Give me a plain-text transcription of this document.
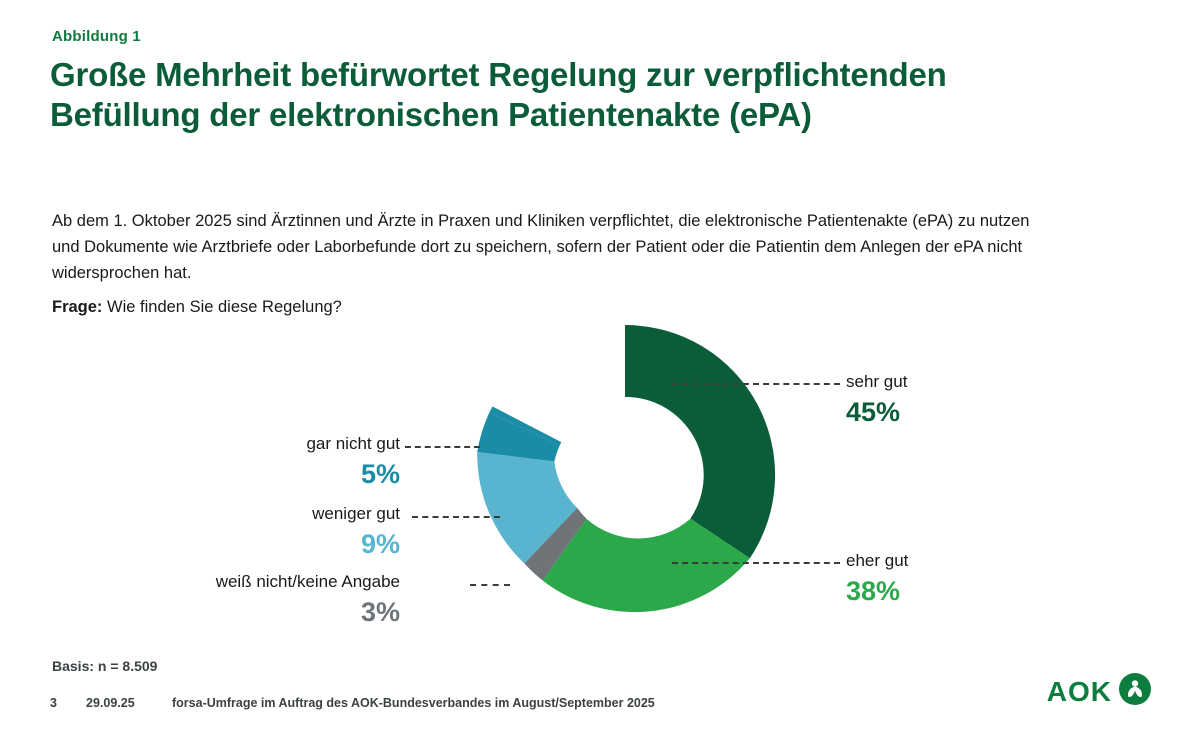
Abbildung 1
Große Mehrheit befürwortet Regelung zur verpflichtenden Befüllung der elektronischen Patientenakte (ePA)
Ab dem 1. Oktober 2025 sind Ärztinnen und Ärzte in Praxen und Kliniken verpflichtet, die elektronische Patientenakte (ePA) zu nutzen und Dokumente wie Arztbriefe oder Laborbefunde dort zu speichern, sofern der Patient oder die Patientin dem Anlegen der ePA nicht widersprochen hat.
Frage: Wie finden Sie diese Regelung?
sehr gut
45%
eher gut
38%
gar nicht gut
5%
weniger gut
9%
weiß nicht/keine Angabe
3%
Basis: n = 8.509
3 29.09.25	forsa-Umfrage im Auftrag des AOK-Bundesverbandes im August/September 2025	AOK
